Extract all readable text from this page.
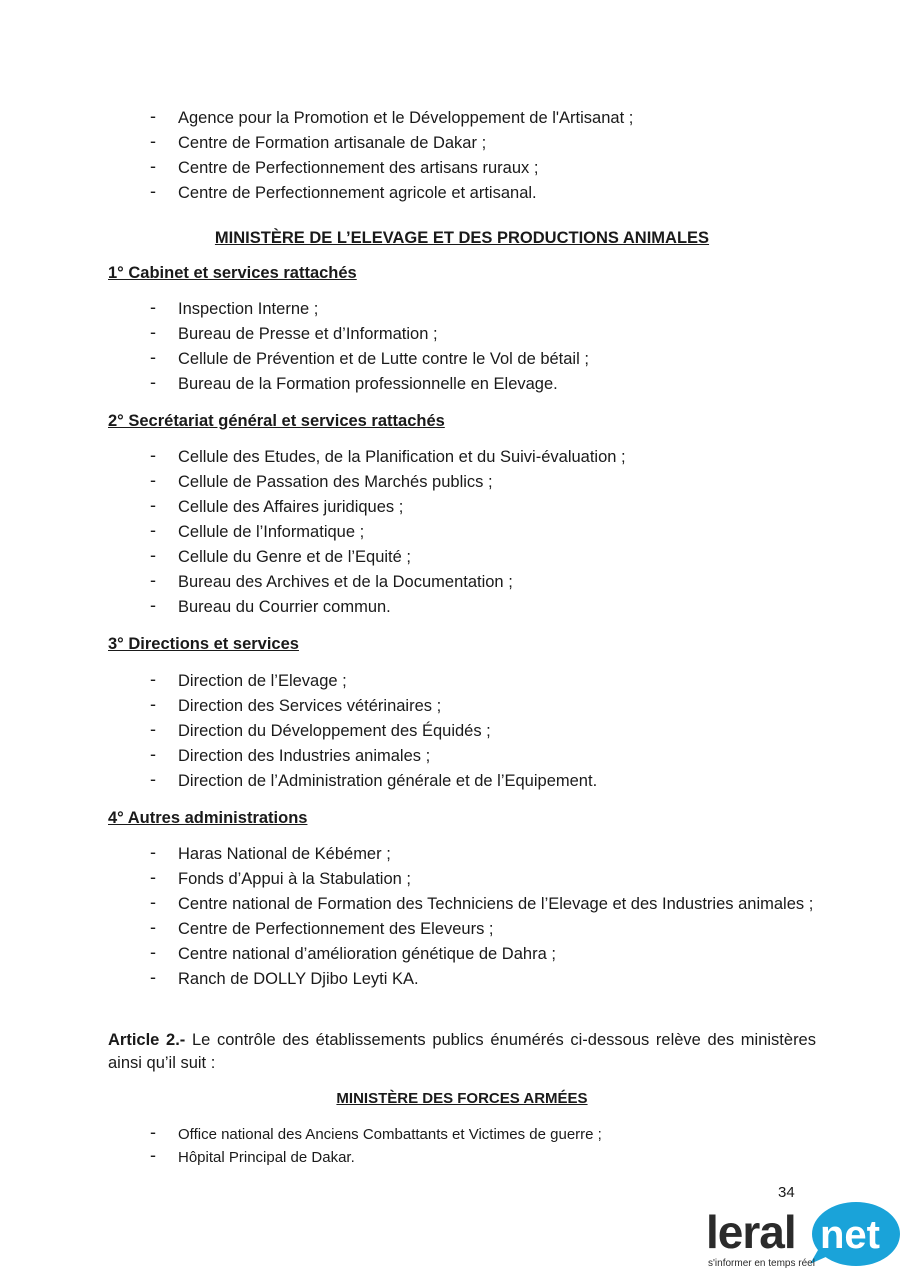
- Agence pour la Promotion et le Développement de l'Artisanat ;
- Centre de Formation artisanale de Dakar ;
- Centre de Perfectionnement des artisans ruraux ;
- Centre de Perfectionnement agricole et artisanal.
MINISTÈRE DE L’ELEVAGE ET DES PRODUCTIONS ANIMALES
1° Cabinet et services rattachés
- Inspection Interne ;
- Bureau de Presse et d’Information ;
- Cellule de Prévention et de Lutte contre le Vol de bétail ;
- Bureau de la Formation professionnelle en Elevage.
2° Secrétariat général et services rattachés
- Cellule des Etudes, de la Planification et du Suivi-évaluation ;
- Cellule de Passation des Marchés publics ;
- Cellule des Affaires juridiques ;
- Cellule de l’Informatique ;
- Cellule du Genre et de l’Equité ;
- Bureau des Archives et de la Documentation ;
- Bureau du Courrier commun.
3° Directions et services
- Direction de l’Elevage ;
- Direction des Services vétérinaires ;
- Direction du Développement des Équidés ;
- Direction des Industries animales ;
- Direction de l’Administration générale et de l’Equipement.
4° Autres administrations
- Haras National de Kébémer ;
- Fonds d’Appui à la Stabulation ;
- Centre national de Formation des Techniciens de l’Elevage et des Industries animales ;
- Centre de Perfectionnement des Eleveurs ;
- Centre national d’amélioration génétique de Dahra ;
- Ranch de DOLLY Djibo Leyti KA.
Article 2.- Le contrôle des établissements publics énumérés ci-dessous relève des ministères ainsi qu’il suit :
MINISTÈRE DES FORCES ARMÉES
- Office national des Anciens Combattants et Victimes de guerre ;
- Hôpital Principal de Dakar.
34
leral net
s'informer en temps réel
